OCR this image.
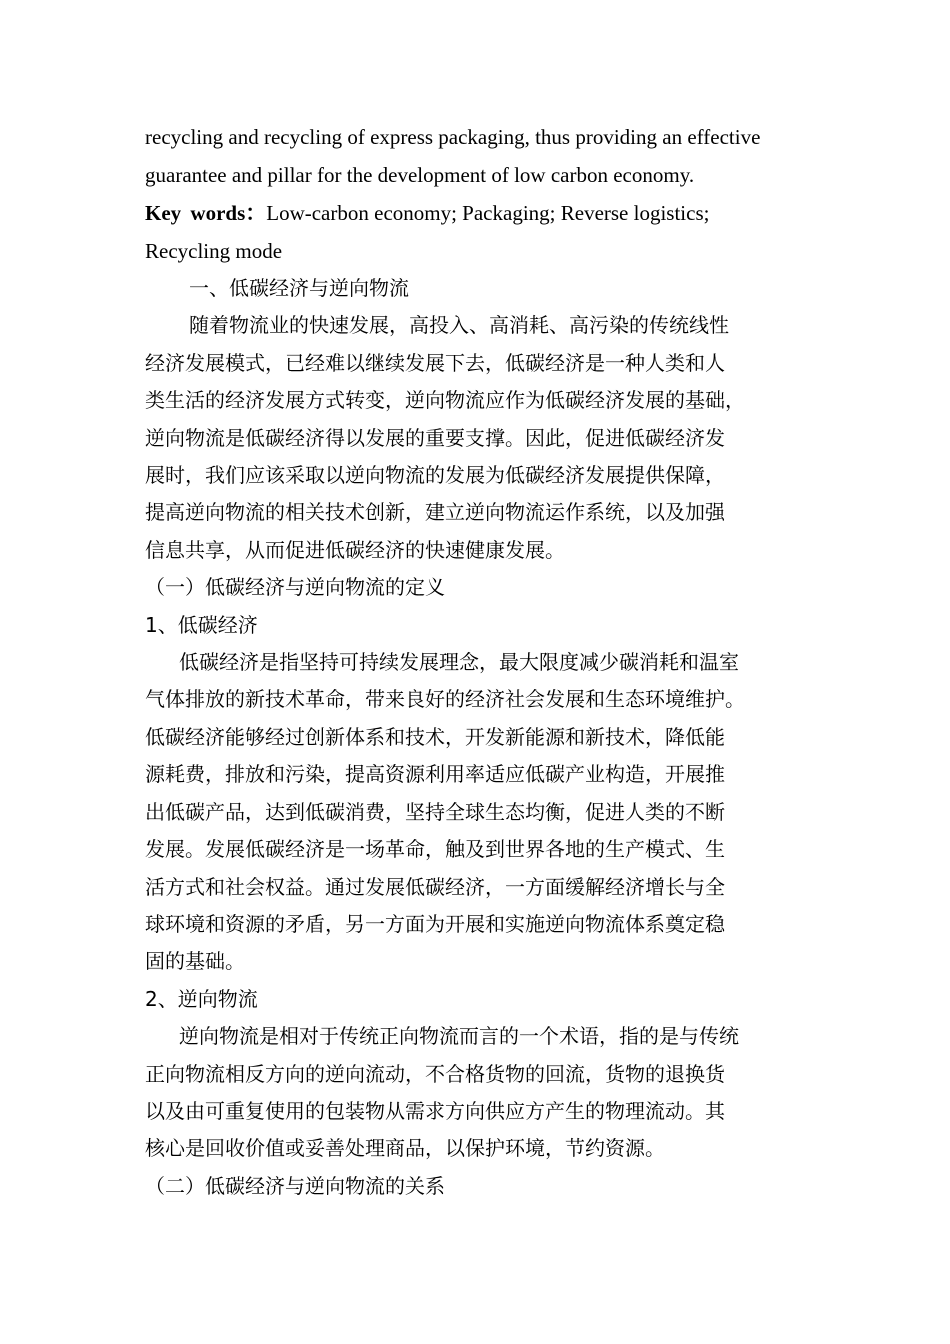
recycling and recycling of express packaging, thus providing an effective

guarantee and pillar for the development of low carbon economy.

Key words：Low-carbon economy; Packaging; Reverse logistics;

Recycling mode

一、低碳经济与逆向物流

随着物流业的快速发展，高投入、高消耗、高污染的传统线性
经济发展模式，已经难以继续发展下去，低碳经济是一种人类和人
类生活的经济发展方式转变，逆向物流应作为低碳经济发展的基础，
逆向物流是低碳经济得以发展的重要支撑。因此，促进低碳经济发
展时，我们应该采取以逆向物流的发展为低碳经济发展提供保障，
提高逆向物流的相关技术创新，建立逆向物流运作系统，以及加强
信息共享，从而促进低碳经济的快速健康发展。

（一）低碳经济与逆向物流的定义

1、低碳经济

低碳经济是指坚持可持续发展理念，最大限度减少碳消耗和温室
气体排放的新技术革命，带来良好的经济社会发展和生态环境维护。
低碳经济能够经过创新体系和技术，开发新能源和新技术，降低能
源耗费，排放和污染，提高资源利用率适应低碳产业构造，开展推
出低碳产品，达到低碳消费，坚持全球生态均衡，促进人类的不断
发展。发展低碳经济是一场革命，触及到世界各地的生产模式、生
活方式和社会权益。通过发展低碳经济，一方面缓解经济增长与全
球环境和资源的矛盾，另一方面为开展和实施逆向物流体系奠定稳
固的基础。

2、逆向物流

逆向物流是相对于传统正向物流而言的一个术语，指的是与传统
正向物流相反方向的逆向流动，不合格货物的回流，货物的退换货
以及由可重复使用的包装物从需求方向供应方产生的物理流动。其
核心是回收价值或妥善处理商品，以保护环境，节约资源。

（二）低碳经济与逆向物流的关系
